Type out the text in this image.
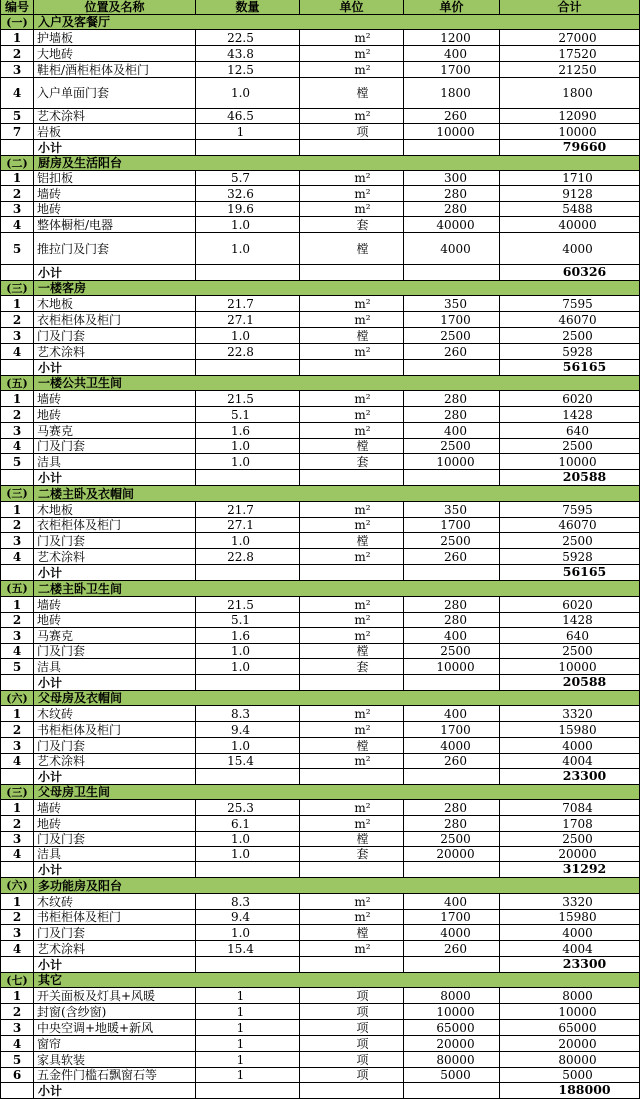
编号	位置及名称	数量	单位	单价	合计
(一) 入户及客餐厅
1	护墙板	22.5	m²	1200	27000
2	大地砖	43.8	m²	400	17520
3	鞋柜/酒柜柜体及柜门	12.5	m²	1700	21250
4	入户单面门套	1.0	樘	1800	1800
5	艺术涂料	46.5	m²	260	12090
7	岩板	1	项	10000	10000
小计	79660
(二) 厨房及生活阳台
1	铝扣板	5.7	m²	300	1710
2	墙砖	32.6	m²	280	9128
3	地砖	19.6	m²	280	5488
4	整体橱柜/电器	1.0	套	40000	40000
5	推拉门及门套	1.0	樘	4000	4000
小计	60326
(三) 一楼客房
1	木地板	21.7	m²	350	7595
2	衣柜柜体及柜门	27.1	m²	1700	46070
3	门及门套	1.0	樘	2500	2500
4	艺术涂料	22.8	m²	260	5928
小计	56165
(五) 一楼公共卫生间
1	墙砖	21.5	m²	280	6020
2	地砖	5.1	m²	280	1428
3	马赛克	1.6	m²	400	640
4	门及门套	1.0	樘	2500	2500
5	洁具	1.0	套	10000	10000
小计	20588
(三) 二楼主卧及衣帽间
1	木地板	21.7	m²	350	7595
2	衣柜柜体及柜门	27.1	m²	1700	46070
3	门及门套	1.0	樘	2500	2500
4	艺术涂料	22.8	m²	260	5928
小计	56165
(五) 二楼主卧卫生间
1	墙砖	21.5	m²	280	6020
2	地砖	5.1	m²	280	1428
3	马赛克	1.6	m²	400	640
4	门及门套	1.0	樘	2500	2500
5	洁具	1.0	套	10000	10000
小计	20588
(六) 父母房及衣帽间
1	木纹砖	8.3	m²	400	3320
2	书柜柜体及柜门	9.4	m²	1700	15980
3	门及门套	1.0	樘	4000	4000
4	艺术涂料	15.4	m²	260	4004
小计	23300
(三) 父母房卫生间
1	墙砖	25.3	m²	280	7084
2	地砖	6.1	m²	280	1708
3	门及门套	1.0	樘	2500	2500
4	洁具	1.0	套	20000	20000
小计	31292
(六) 多功能房及阳台
1	木纹砖	8.3	m²	400	3320
2	书柜柜体及柜门	9.4	m²	1700	15980
3	门及门套	1.0	樘	4000	4000
4	艺术涂料	15.4	m²	260	4004
小计	23300
(七) 其它
1	开关面板及灯具+风暖	1	项	8000	8000
2	封窗(含纱窗)	1	项	10000	10000
3	中央空调+地暖+新风	1	项	65000	65000
4	窗帘	1	项	20000	20000
5	家具软装	1	项	80000	80000
6	五金件门槛石飘窗石等	1	项	5000	5000
小计	188000
